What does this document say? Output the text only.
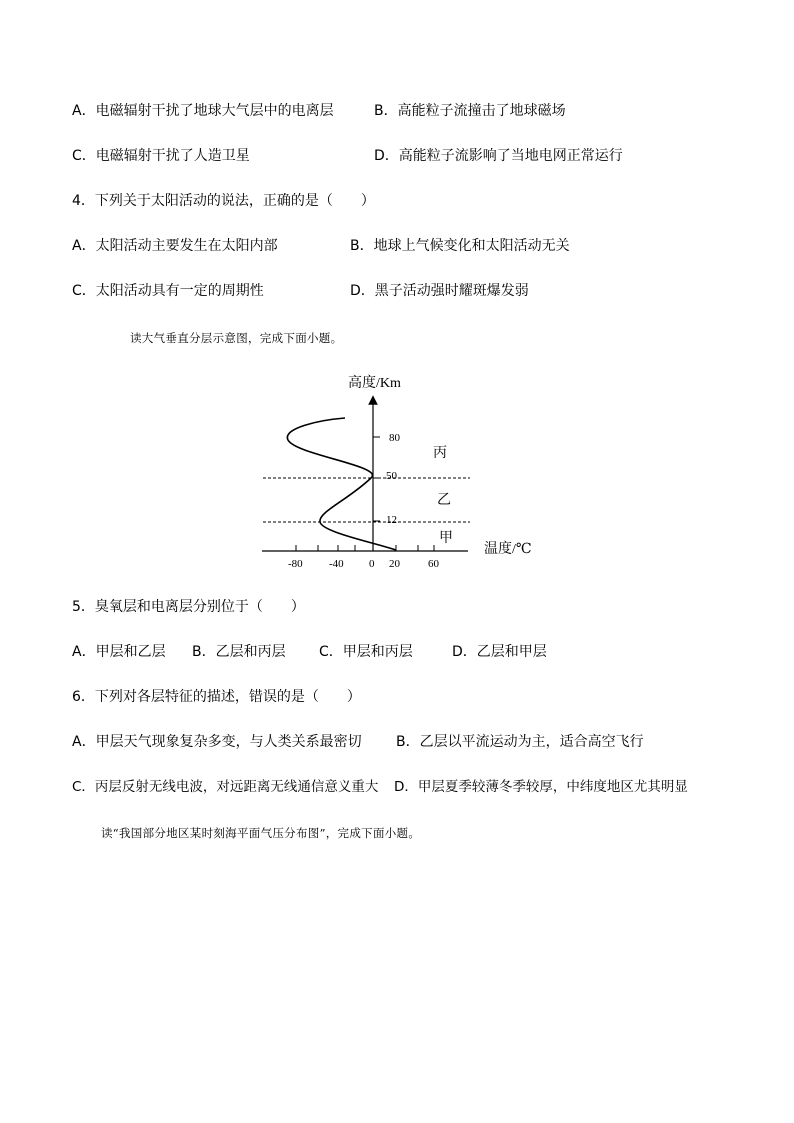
A．电磁辐射干扰了地球大气层中的电离层	B．高能粒子流撞击了地球磁场
C．电磁辐射干扰了人造卫星	D．高能粒子流影响了当地电网正常运行
4．下列关于太阳活动的说法，正确的是（　　）
A．太阳活动主要发生在太阳内部	B．地球上气候变化和太阳活动无关
C．太阳活动具有一定的周期性	D．黑子活动强时耀斑爆发弱
读大气垂直分层示意图，完成下面小题。
高度/Km
温度/℃
80
50
12
-80 -40 0 20	60
丙
乙
甲
5．臭氧层和电离层分别位于（　　）
A．甲层和乙层 B．乙层和丙层 C．甲层和丙层	D．乙层和甲层
6．下列对各层特征的描述，错误的是（　　）
A．甲层天气现象复杂多变，与人类关系最密切 B．乙层以平流运动为主，适合高空飞行
C．丙层反射无线电波，对远距离无线通信意义重大 D．甲层夏季较薄冬季较厚，中纬度地区尤其明显
读“我国部分地区某时刻海平面气压分布图”，完成下面小题。
